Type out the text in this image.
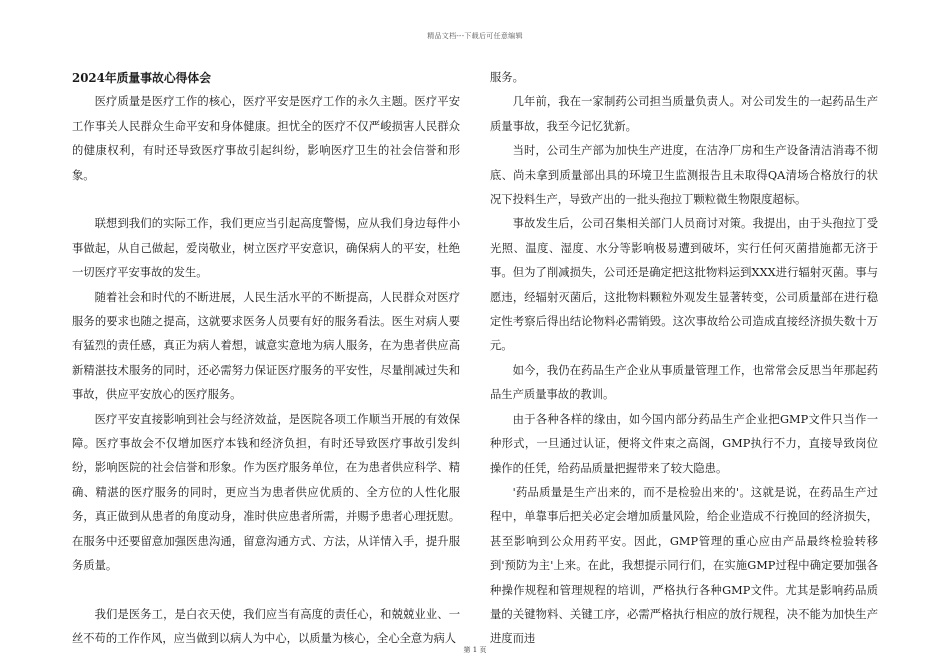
精品文档---下载后可任意编辑

2024年质量事故心得体会

医疗质量是医疗工作的核心，医疗平安是医疗工作的永久主题。医疗平安工作事关人民群众生命平安和身体健康。担忧全的医疗不仅严峻损害人民群众的健康权利，有时还导致医疗事故引起纠纷，影响医疗卫生的社会信誉和形象。

联想到我们的实际工作，我们更应当引起高度警惕，应从我们身边每件小事做起，从自己做起，爱岗敬业，树立医疗平安意识，确保病人的平安，杜绝一切医疗平安事故的发生。

随着社会和时代的不断进展，人民生活水平的不断提高，人民群众对医疗服务的要求也随之提高，这就要求医务人员要有好的服务看法。医生对病人要有猛烈的责任感，真正为病人着想，诚意实意地为病人服务，在为患者供应高新精湛技术服务的同时，还必需努力保证医疗服务的平安性，尽量削减过失和事故，供应平安放心的医疗服务。

医疗平安直接影响到社会与经济效益，是医院各项工作顺当开展的有效保障。医疗事故会不仅增加医疗本钱和经济负担，有时还导致医疗事故引发纠纷，影响医院的社会信誉和形象。作为医疗服务单位，在为患者供应科学、精确、精湛的医疗服务的同时，更应当为患者供应优质的、全方位的人性化服务，真正做到从患者的角度动身，准时供应患者所需，并赐予患者心理抚慰。在服务中还要留意加强医患沟通，留意沟通方式、方法，从详情入手，提升服务质量。

我们是医务工，是白衣天使，我们应当有高度的责任心，和兢兢业业、一丝不苟的工作作风，应当做到以病人为中心，以质量为核心，全心全意为病人

服务。

几年前，我在一家制药公司担当质量负责人。对公司发生的一起药品生产质量事故，我至今记忆犹新。

当时，公司生产部为加快生产进度，在洁净厂房和生产设备清洁消毒不彻底、尚未拿到质量部出具的环境卫生监测报告且未取得QA清场合格放行的状况下投料生产，导致产出的一批头孢拉丁颗粒微生物限度超标。

事故发生后，公司召集相关部门人员商讨对策。我提出，由于头孢拉丁受光照、温度、湿度、水分等影响极易遭到破坏，实行任何灭菌措施都无济于事。但为了削减损失，公司还是确定把这批物料运到XXX进行辐射灭菌。事与愿违，经辐射灭菌后，这批物料颗粒外观发生显著转变，公司质量部在进行稳定性考察后得出结论物料必需销毁。这次事故给公司造成直接经济损失数十万元。

如今，我仍在药品生产企业从事质量管理工作，也常常会反思当年那起药品生产质量事故的教训。

由于各种各样的缘由，如今国内部分药品生产企业把GMP文件只当作一种形式，一旦通过认证，便将文件束之高阁，GMP执行不力，直接导致岗位操作的任凭，给药品质量把握带来了较大隐患。

'药品质量是生产出来的，而不是检验出来的'。这就是说，在药品生产过程中，单靠事后把关必定会增加质量风险，给企业造成不行挽回的经济损失，甚至影响到公众用药平安。因此，GMP管理的重心应由产品最终检验转移到'预防为主'上来。在此，我想提示同行们，在实施GMP过程中确定要加强各种操作规程和管理规程的培训，严格执行各种GMP文件。尤其是影响药品质量的关键物料、关键工序，必需严格执行相应的放行规程，决不能为加快生产进度而违

第 1 页
